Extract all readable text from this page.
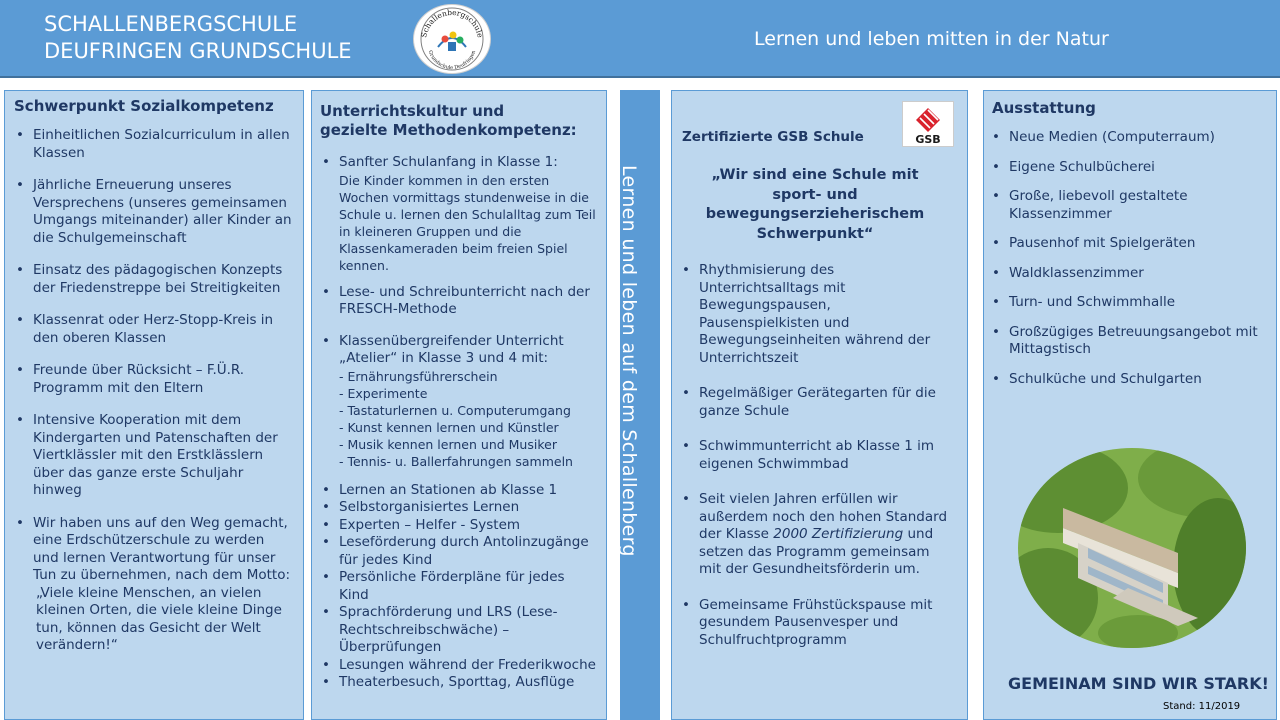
SCHALLENBERGSCHULE
DEUFRINGEN GRUNDSCHULE
Schallenbergschule
Grundschule Deufringen
Lernen und leben mitten in der Natur
Schwerpunkt Sozialkompetenz
• Einheitlichen Sozialcurriculum in allen Klassen
• Jährliche Erneuerung unseres Versprechens (unseres gemeinsamen Umgangs miteinander) aller Kinder an die Schulgemeinschaft
• Einsatz des pädagogischen Konzepts der Friedenstreppe bei Streitigkeiten
• Klassenrat oder Herz-Stopp-Kreis in den oberen Klassen
• Freunde über Rücksicht – F.Ü.R. Programm mit den Eltern
• Intensive Kooperation mit dem Kindergarten und Patenschaften der Viertklässler mit den Erstklässlern über das ganze erste Schuljahr hinweg
• Wir haben uns auf den Weg gemacht, eine Erdschützerschule zu werden und lernen Verantwortung für unser Tun zu übernehmen, nach dem Motto:
„Viele kleine Menschen, an vielen kleinen Orten, die viele kleine Dinge tun, können das Gesicht der Welt verändern!“
Unterrichtskultur und
gezielte Methodenkompetenz:
• Sanfter Schulanfang in Klasse 1:
Die Kinder kommen in den ersten Wochen vormittags stundenweise in die Schule u. lernen den Schulalltag zum Teil in kleineren Gruppen und die Klassenkameraden beim freien Spiel kennen.
• Lese- und Schreibunterricht nach der FRESCH-Methode
• Klassenübergreifender Unterricht „Atelier“ in Klasse 3 und 4 mit:
- Ernährungsführerschein
- Experimente
- Tastaturlernen u. Computerumgang
- Kunst kennen lernen und Künstler
- Musik kennen lernen und Musiker
- Tennis- u. Ballerfahrungen sammeln
• Lernen an Stationen ab Klasse 1
• Selbstorganisiertes Lernen
• Experten – Helfer - System
• Leseförderung durch Antolinzugänge für jedes Kind
• Persönliche Förderpläne für jedes Kind
• Sprachförderung und LRS (Lese-Rechtschreibschwäche) – Überprüfungen
• Lesungen während der Frederikwoche
• Theaterbesuch, Sporttag, Ausflüge
Lernen und leben auf dem Schallenberg
Zertifizierte GSB Schule	GSB
„Wir sind eine Schule mit sport- und bewegungserzieherischem Schwerpunkt“
• Rhythmisierung des Unterrichtsalltags mit Bewegungspausen, Pausenspielkisten und Bewegungseinheiten während der Unterrichtszeit
• Regelmäßiger Gerätegarten für die ganze Schule
• Schwimmunterricht ab Klasse 1 im eigenen Schwimmbad
• Seit vielen Jahren erfüllen wir außerdem noch den hohen Standard der Klasse 2000 Zertifizierung und setzen das Programm gemeinsam mit der Gesundheitsförderin um.
• Gemeinsame Frühstückspause mit gesundem Pausenvesper und Schulfruchtprogramm
Ausstattung
• Neue Medien (Computerraum)
• Eigene Schulbücherei
• Große, liebevoll gestaltete Klassenzimmer
• Pausenhof mit Spielgeräten
• Waldklassenzimmer
• Turn- und Schwimmhalle
• Großzügiges Betreuungsangebot mit Mittagstisch
• Schulküche und Schulgarten
GEMEINAM SIND WIR STARK!
Stand: 11/2019
